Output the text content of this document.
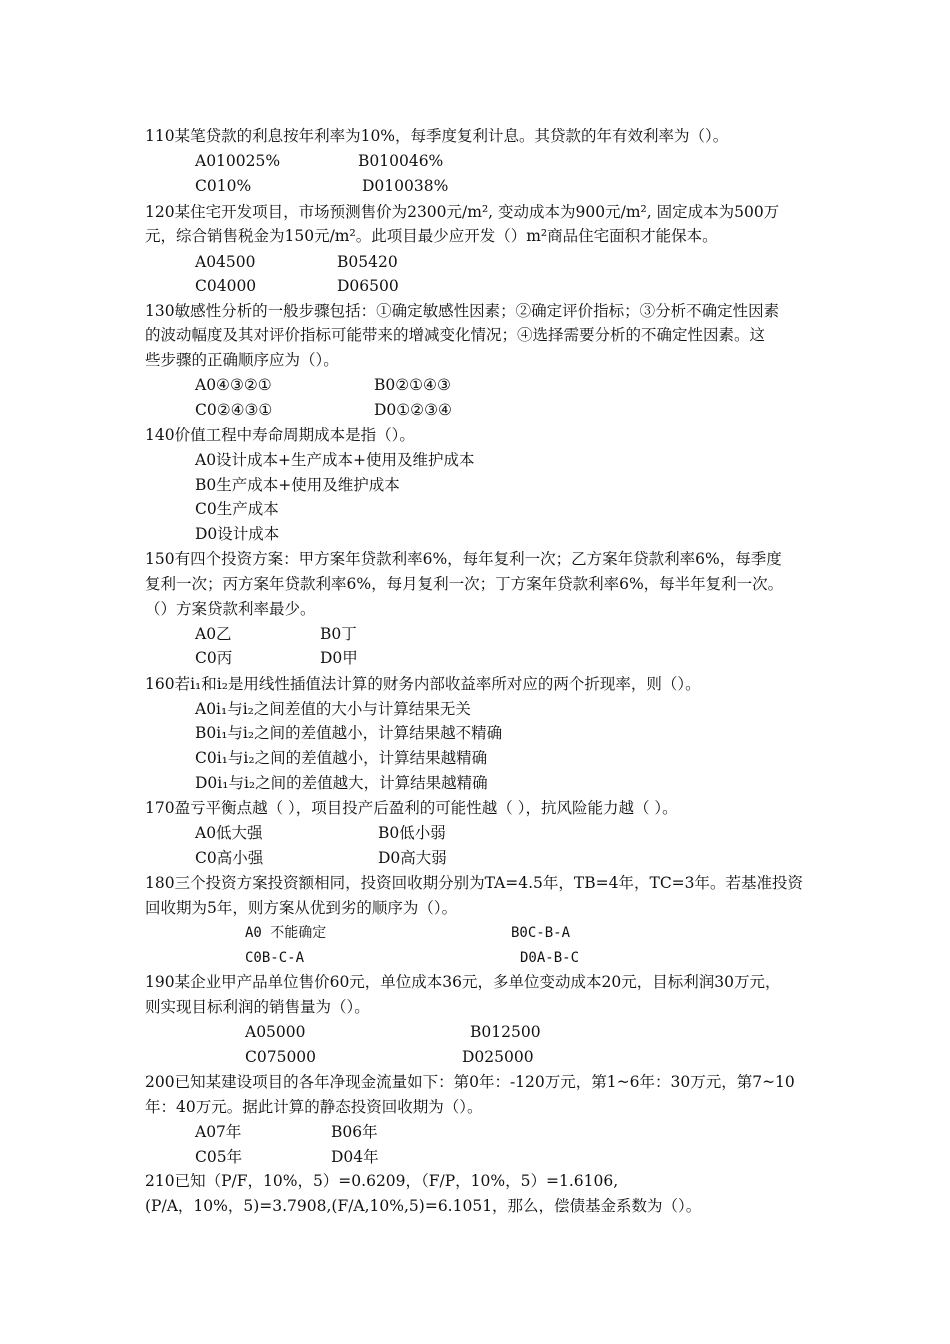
110某笔贷款的利息按年利率为10%，每季度复利计息。其贷款的年有效利率为（）。
A010025%	B010046%
C010%	D010038%
120某住宅开发项目，市场预测售价为2300元/m², 变动成本为900元/m², 固定成本为500万
元，综合销售税金为150元/m²。此项目最少应开发（）m²商品住宅面积才能保本。
A04500	B05420
C04000	D06500
130敏感性分析的一般步骤包括：①确定敏感性因素；②确定评价指标；③分析不确定性因素
的波动幅度及其对评价指标可能带来的增减变化情况；④选择需要分析的不确定性因素。这
些步骤的正确顺序应为（）。
A0④③②①	B0②①④③
C0②④③①	D0①②③④
140价值工程中寿命周期成本是指（）。
A0设计成本+生产成本+使用及维护成本
B0生产成本+使用及维护成本
C0生产成本
D0设计成本
150有四个投资方案：甲方案年贷款利率6%，每年复利一次；乙方案年贷款利率6%，每季度
复利一次；丙方案年贷款利率6%，每月复利一次；丁方案年贷款利率6%，每半年复利一次。
（）方案贷款利率最少。
A0乙	B0丁
C0丙	D0甲
160若i₁和i₂是用线性插值法计算的财务内部收益率所对应的两个折现率，则（）。
A0i₁与i₂之间差值的大小与计算结果无关
B0i₁与i₂之间的差值越小，计算结果越不精确
C0i₁与i₂之间的差值越小，计算结果越精确
D0i₁与i₂之间的差值越大，计算结果越精确
170盈亏平衡点越（ ），项目投产后盈利的可能性越（ ），抗风险能力越（ ）。
A0低大强	B0低小弱
C0高小强	D0高大弱
180三个投资方案投资额相同，投资回收期分别为TA=4.5年，TB=4年，TC=3年。若基准投资
回收期为5年，则方案从优到劣的顺序为（）。
A0 不能确定	B0C-B-A
C0B-C-A	D0A-B-C
190某企业甲产品单位售价60元，单位成本36元，多单位变动成本20元，目标利润30万元，
则实现目标利润的销售量为（）。
A05000	B012500
C075000	D025000
200已知某建设项目的各年净现金流量如下：第0年：-120万元，第1~6年：30万元，第7~10
年：40万元。据此计算的静态投资回收期为（）。
A07年	B06年
C05年	D04年
210已知（P/F，10%，5）=0.6209，（F/P，10%，5）=1.6106,
(P/A，10%，5)=3.7908,(F/A,10%,5)=6.1051，那么，偿债基金系数为（）。
